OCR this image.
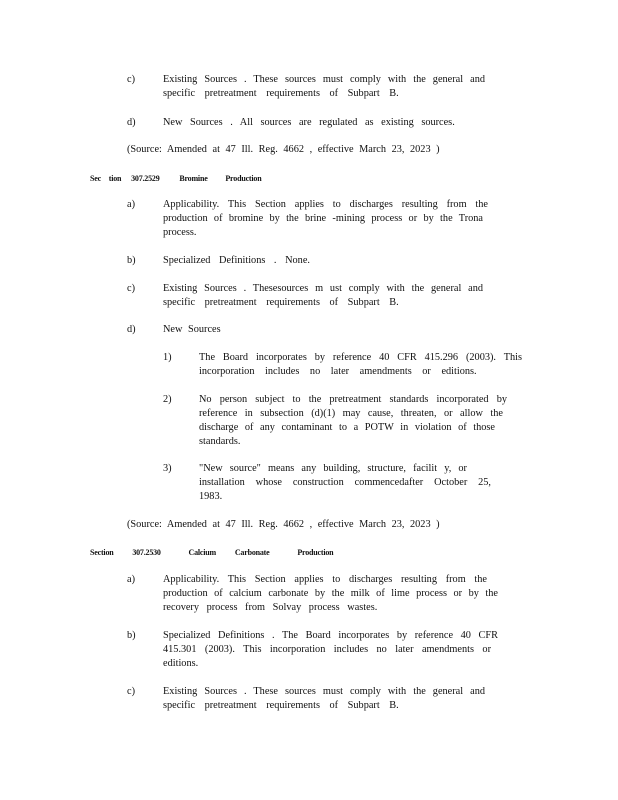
c)	Existing Sources . These sources must comply with the general and
specific pretreatment requirements of Subpart B.
d)	New Sources . All sources are regulated as existing sources.
(Source: Amended at 47 Ill. Reg. 4662 , effective March 23, 2023 )
Sec tion 307.2529 Bromine Production
a)	Applicability. This Section applies to discharges resulting from the
production of bromine by the brine -mining process or by the Trona
process.
b)	Specialized Definitions . None.
c)	Existing Sources . Thesesources m ust comply with the general and
specific pretreatment requirements of Subpart B.
d)	New Sources
1)	The Board incorporates by reference 40 CFR 415.296 (2003). This
incorporation includes no later amendments or editions.
2)	No person subject to the pretreatment standards incorporated by
reference in subsection (d)(1) may cause, threaten, or allow the
discharge of any contaminant to a POTW in violation of those
standards.
3)	"New source" means any building, structure, facilit y, or
installation whose construction commencedafter October 25,
1983.
(Source: Amended at 47 Ill. Reg. 4662 , effective March 23, 2023 )
Section 307.2530	Calcium Carbonate	Production
a)	Applicability. This Section applies to discharges resulting from the
production of calcium carbonate by the milk of lime process or by the
recovery process from Solvay process wastes.
b)	Specialized Definitions . The Board incorporates by reference 40 CFR
415.301 (2003). This incorporation includes no later amendments or
editions.
c)	Existing Sources . These sources must comply with the general and
specific pretreatment requirements of Subpart B.
